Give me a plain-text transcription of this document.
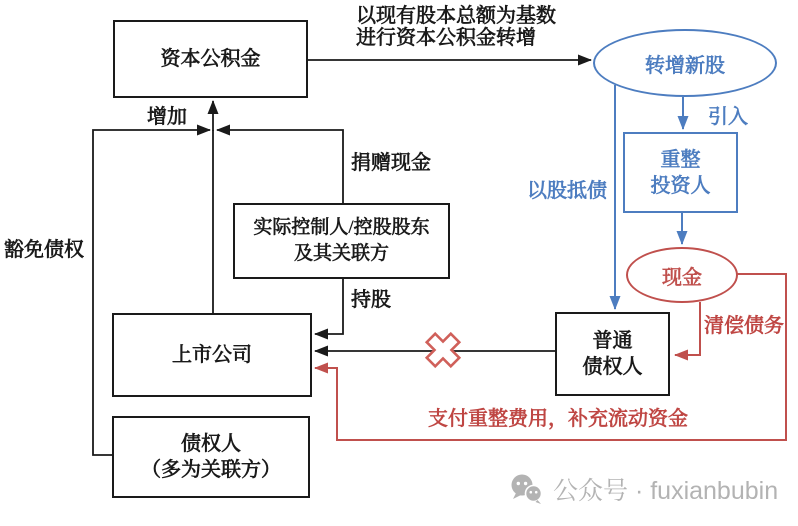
资本公积金
实际控制人/控股股东
及其关联方
上市公司
债权人
（多为关联方）
普通
债权人
重整
投资人
转增新股
现金
以现有股本总额为基数
进行资本公积金转增
增加
捐赠现金
豁免债权
持股
引入
以股抵债
清偿债务
支付重整费用，补充流动资金
公众号 · fuxianbubin
